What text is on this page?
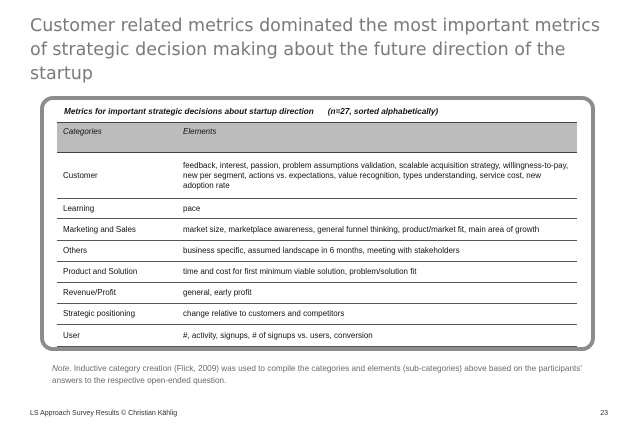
Customer related metrics dominated the most important metrics of strategic decision making about the future direction of the startup
Metrics for important strategic decisions about startup direction (n=27, sorted alphabetically)
Categories	Elements
Customer	feedback, interest, passion, problem assumptions validation, scalable acquisition strategy, willingness-to-pay, new per segment, actions vs. expectations, value recognition, types understanding, service cost, new adoption rate
Learning	pace
Marketing and Sales	market size, marketplace awareness, general funnel thinking, product/market fit, main area of growth
Others	business specific, assumed landscape in 6 months, meeting with stakeholders
Product and Solution	time and cost for first minimum viable solution, problem/solution fit
Revenue/Profit	general, early profit
Strategic positioning	change relative to customers and competitors
User	#, activity, signups, # of signups vs. users, conversion
Note. Inductive category creation (Flick, 2009) was used to compile the categories and elements (sub-categories) above based on the participants' answers to the respective open-ended question.
LS Approach Survey Results © Christian Kählig	23
